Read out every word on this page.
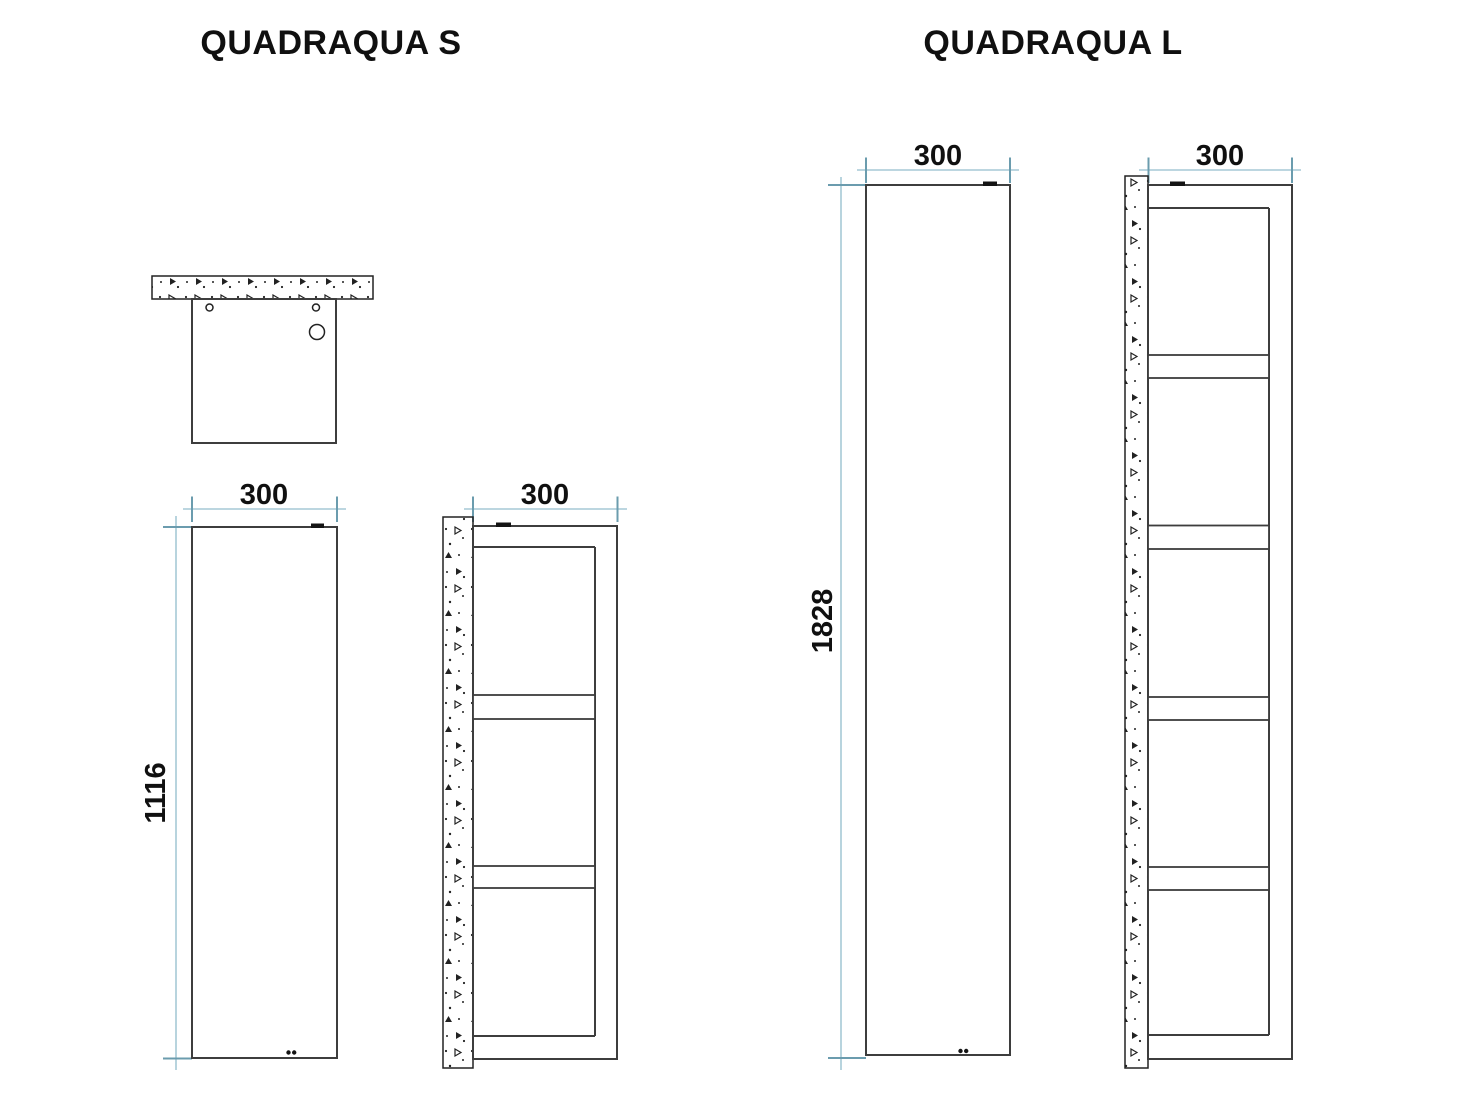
QUADRAQUA S	QUADRAQUA L
300
1116
300
300
1828
300
